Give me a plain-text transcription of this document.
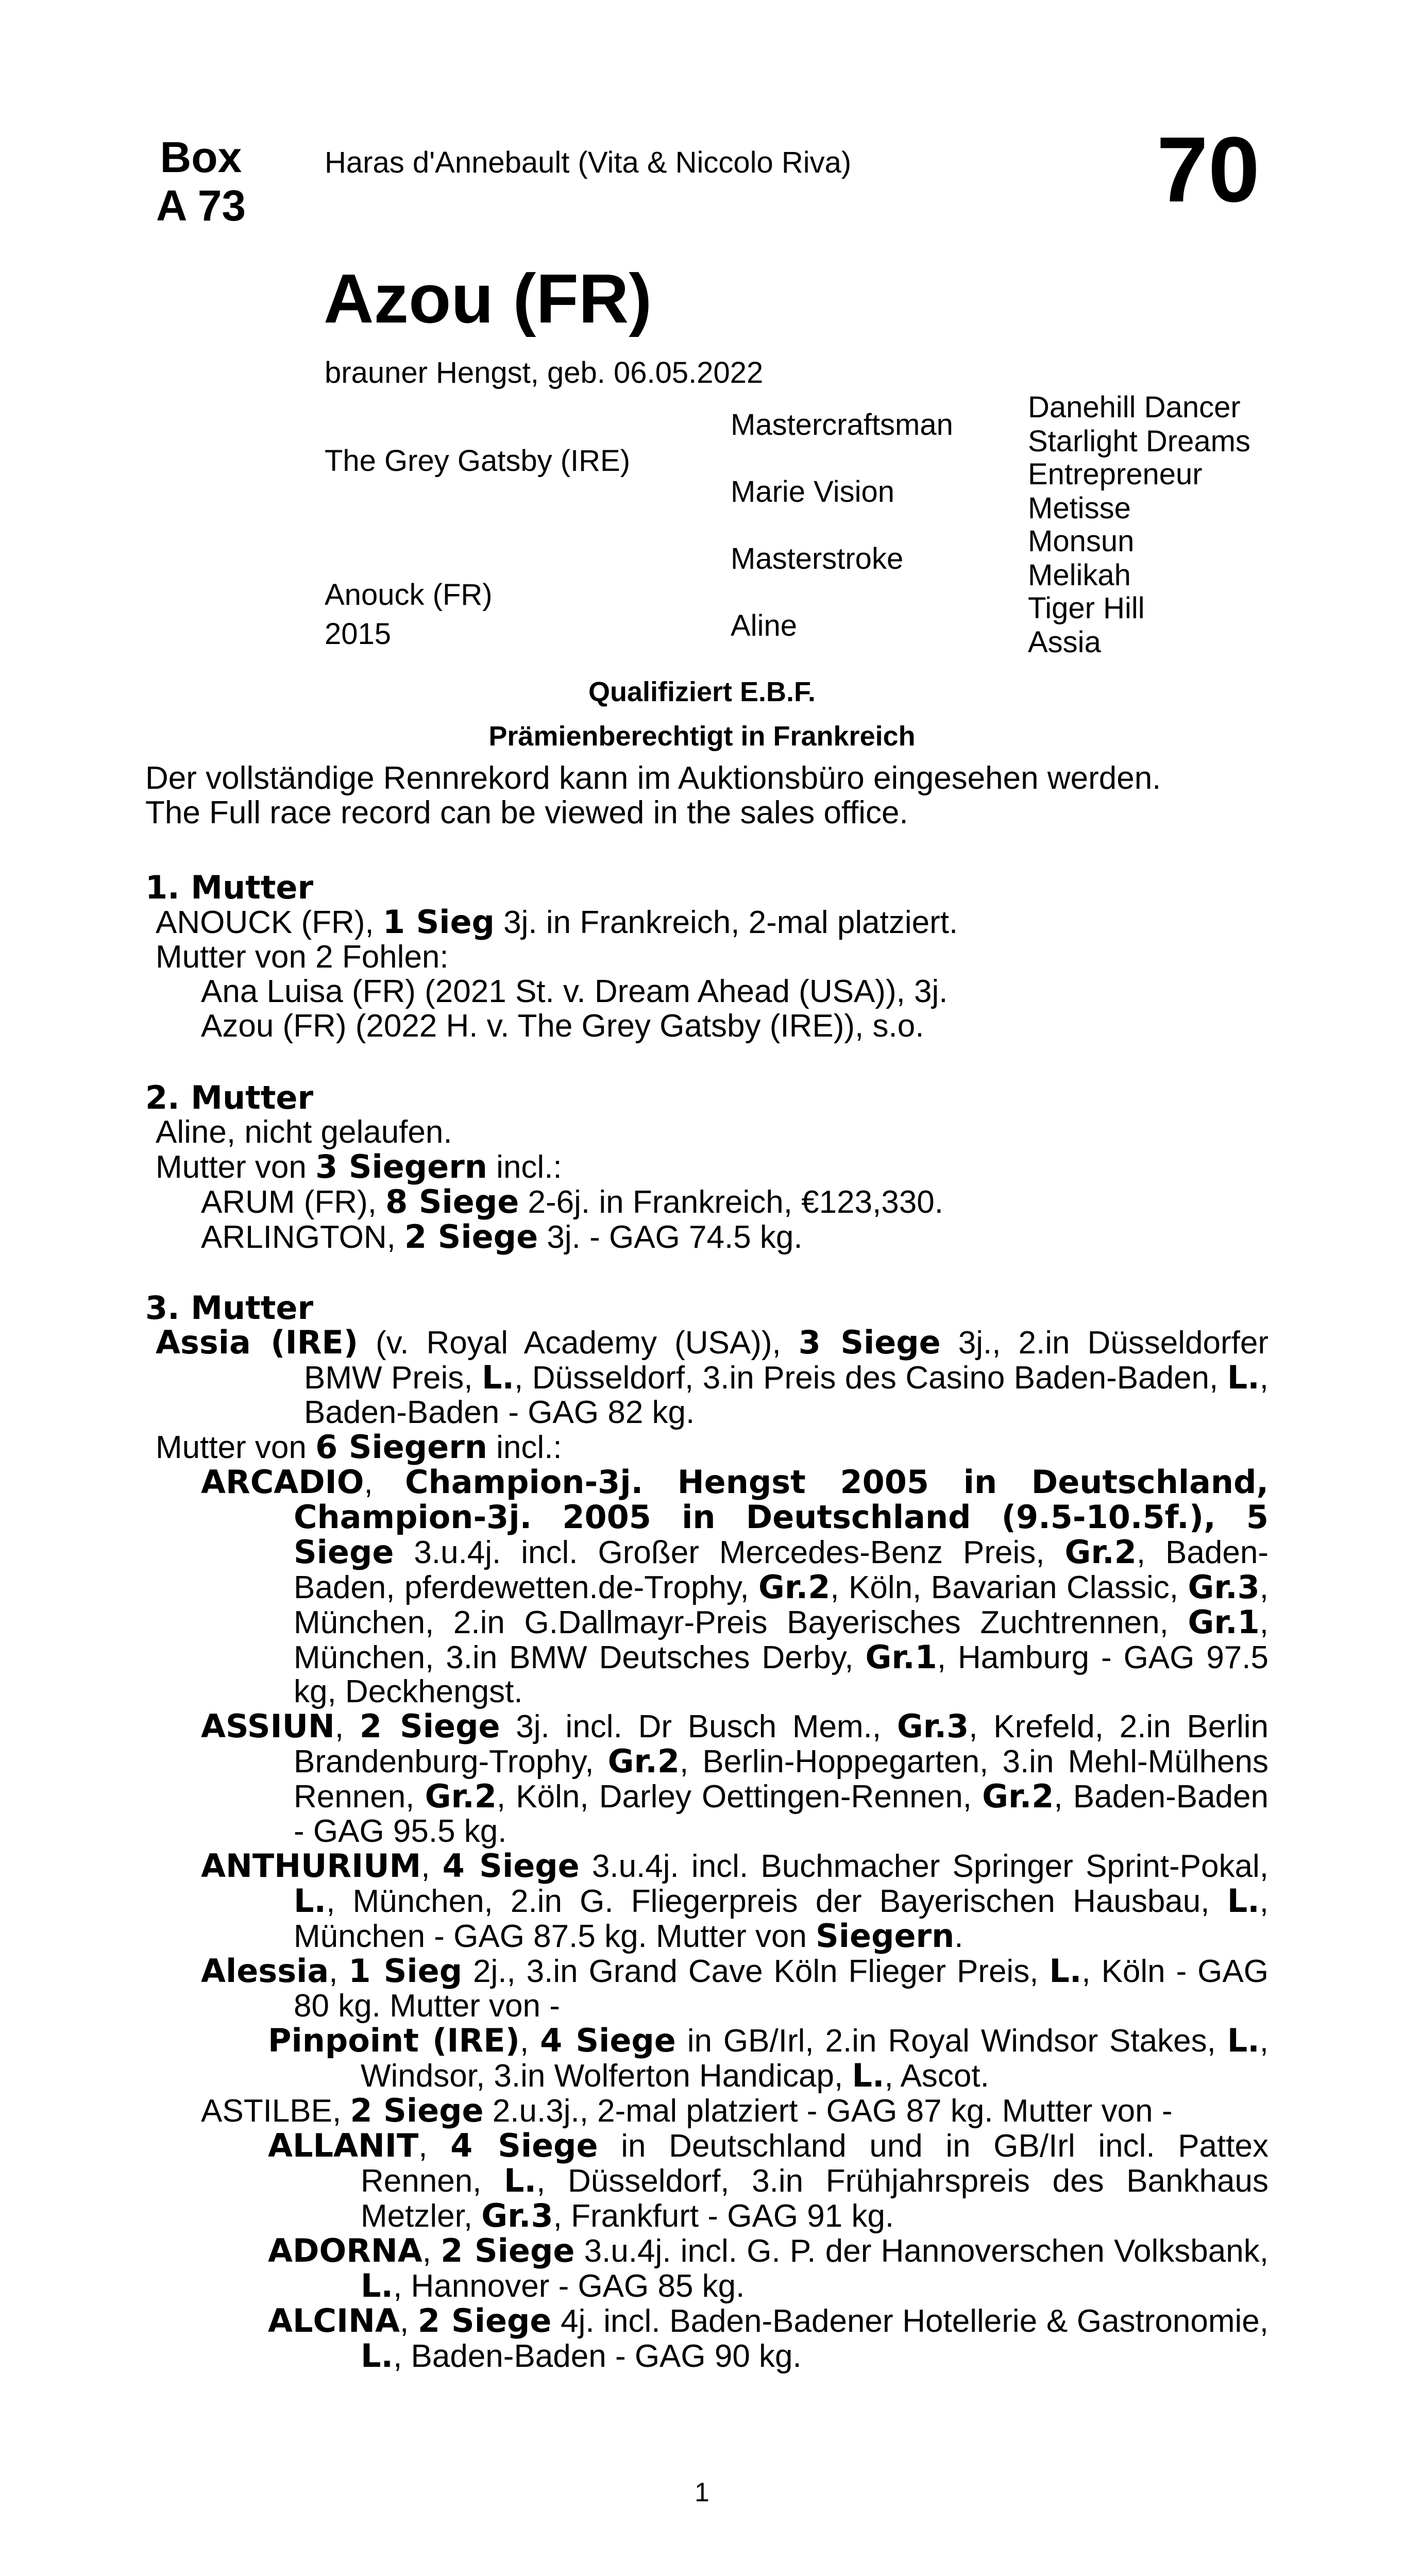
Box
A 73
Haras d'Annebault (Vita & Niccolo Riva)	70
Azou (FR)
brauner Hengst, geb. 06.05.2022
The Grey Gatsby (IRE)
Anouck (FR)
2015
Mastercraftsman
Marie Vision
Masterstroke
Aline
Danehill Dancer
Starlight Dreams
Entrepreneur
Metisse
Monsun
Melikah
Tiger Hill
Assia
Qualifiziert E.B.F.
Prämienberechtigt in Frankreich

Der vollständige Rennrekord kann im Auktionsbüro eingesehen werden.

The Full race record can be viewed in the sales office.

1. Mutter

ANOUCK (FR), 1 Sieg 3j. in Frankreich, 2-mal platziert.

Mutter von 2 Fohlen:

Ana Luisa (FR) (2021 St. v. Dream Ahead (USA)), 3j.

Azou (FR) (2022 H. v. The Grey Gatsby (IRE)), s.o.

2. Mutter

Aline, nicht gelaufen.

Mutter von 3 Siegern incl.:

ARUM (FR), 8 Siege 2-6j. in Frankreich, €123,330.

ARLINGTON, 2 Siege 3j. - GAG 74.5 kg.

3. Mutter

Assia (IRE) (v. Royal Academy (USA)), 3 Siege 3j., 2.in Düsseldorfer BMW Preis, L., Düsseldorf, 3.in Preis des Casino Baden-Baden, L., Baden-Baden - GAG 82 kg.

Mutter von 6 Siegern incl.:

ARCADIO, Champion-3j. Hengst 2005 in Deutschland, Champion-3j. 2005 in Deutschland (9.5-10.5f.), 5 Siege 3.u.4j. incl. Großer Mercedes-Benz Preis, Gr.2, Baden-Baden, pferdewetten.de-Trophy, Gr.2, Köln, Bavarian Classic, Gr.3, München, 2.in G.Dallmayr-Preis Bayerisches Zuchtrennen, Gr.1, München, 3.in BMW Deutsches Derby, Gr.1, Hamburg - GAG 97.5 kg, Deckhengst.

ASSIUN, 2 Siege 3j. incl. Dr Busch Mem., Gr.3, Krefeld, 2.in Berlin Brandenburg-Trophy, Gr.2, Berlin-Hoppegarten, 3.in Mehl-Mülhens Rennen, Gr.2, Köln, Darley Oettingen-Rennen, Gr.2, Baden-Baden - GAG 95.5 kg.

ANTHURIUM, 4 Siege 3.u.4j. incl. Buchmacher Springer Sprint-Pokal, L., München, 2.in G. Fliegerpreis der Bayerischen Hausbau, L., München - GAG 87.5 kg. Mutter von Siegern.

Alessia, 1 Sieg 2j., 3.in Grand Cave Köln Flieger Preis, L., Köln - GAG 80 kg. Mutter von -

Pinpoint (IRE), 4 Siege in GB/Irl, 2.in Royal Windsor Stakes, L., Windsor, 3.in Wolferton Handicap, L., Ascot.

ASTILBE, 2 Siege 2.u.3j., 2-mal platziert - GAG 87 kg. Mutter von -

ALLANIT, 4 Siege in Deutschland und in GB/Irl incl. Pattex Rennen, L., Düsseldorf, 3.in Frühjahrspreis des Bankhaus Metzler, Gr.3, Frankfurt - GAG 91 kg.

ADORNA, 2 Siege 3.u.4j. incl. G. P. der Hannoverschen Volksbank, L., Hannover - GAG 85 kg.

ALCINA, 2 Siege 4j. incl. Baden-Badener Hotellerie & Gastronomie, L., Baden-Baden - GAG 90 kg.

1
